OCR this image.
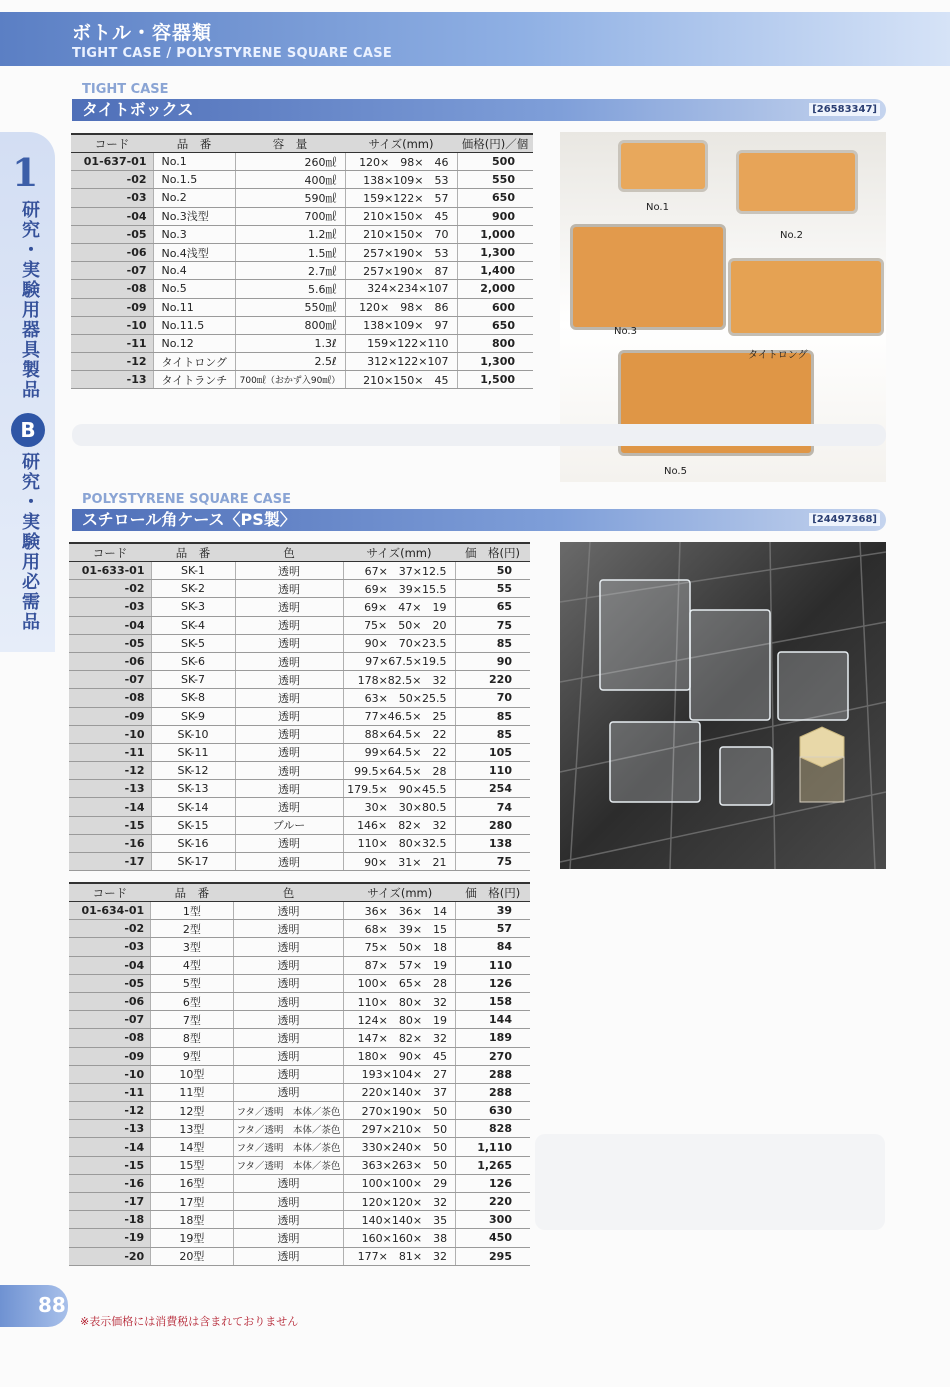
ボトル・容器類
TIGHT CASE / POLYSTYRENE SQUARE CASE
1
研究・実験用器具製品
B
研究・実験用必需品
TIGHT CASE
タイトボックス	[26583347]
コード	品　番	容　量	サイズ(mm)	価格(円)／個
01-637-01	No.1	260㎖	120×　98×　46	500
-02	No.1.5	400㎖	138×109×　53	550
-03	No.2	590㎖	159×122×　57	650
-04	No.3浅型	700㎖	210×150×　45	900
-05	No.3	1.2㎖	210×150×　70	1,000
-06	No.4浅型	1.5㎖	257×190×　53	1,300
-07	No.4	2.7㎖	257×190×　87	1,400
-08	No.5	5.6㎖	324×234×107	2,000
-09	No.11	550㎖	120×　98×　86	600
-10	No.11.5	800㎖	138×109×　97	650
-11	No.12	1.3ℓ	159×122×110	800
-12	タイトロング	2.5ℓ	312×122×107	1,300
-13	タイトランチ	700㎖（おかず入90㎖）	210×150×　45	1,500
No.1
No.2
No.3
タイトロング
No.5
POLYSTYRENE SQUARE CASE
スチロール角ケース〈PS製〉	[24497368]
コード	品　番	色	サイズ(mm)	価　格(円)
01-633-01	SK-1	透明	67×　37×12.5	50
-02	SK-2	透明	69×　39×15.5	55
-03	SK-3	透明	69×　47×　19	65
-04	SK-4	透明	75×　50×　20	75
-05	SK-5	透明	90×　70×23.5	85
-06	SK-6	透明	97×67.5×19.5	90
-07	SK-7	透明	178×82.5×　32	220
-08	SK-8	透明	63×　50×25.5	70
-09	SK-9	透明	77×46.5×　25	85
-10	SK-10	透明	88×64.5×　22	85
-11	SK-11	透明	99×64.5×　22	105
-12	SK-12	透明	99.5×64.5×　28	110
-13	SK-13	透明	179.5×　90×45.5	254
-14	SK-14	透明	30×　30×80.5	74
-15	SK-15	ブルー	146×　82×　32	280
-16	SK-16	透明	110×　80×32.5	138
-17	SK-17	透明	90×　31×　21	75
コード	品　番	色	サイズ(mm)	価　格(円)
01-634-01	1型	透明	36×　36×　14	39
-02	2型	透明	68×　39×　15	57
-03	3型	透明	75×　50×　18	84
-04	4型	透明	87×　57×　19	110
-05	5型	透明	100×　65×　28	126
-06	6型	透明	110×　80×　32	158
-07	7型	透明	124×　80×　19	144
-08	8型	透明	147×　82×　32	189
-09	9型	透明	180×　90×　45	270
-10	10型	透明	193×104×　27	288
-11	11型	透明	220×140×　37	288
-12	12型	フタ／透明　本体／茶色	270×190×　50	630
-13	13型	フタ／透明　本体／茶色	297×210×　50	828
-14	14型	フタ／透明　本体／茶色	330×240×　50	1,110
-15	15型	フタ／透明　本体／茶色	363×263×　50	1,265
-16	16型	透明	100×100×　29	126
-17	17型	透明	120×120×　32	220
-18	18型	透明	140×140×　35	300
-19	19型	透明	160×160×　38	450
-20	20型	透明	177×　81×　32	295
88
※表示価格には消費税は含まれておりません
